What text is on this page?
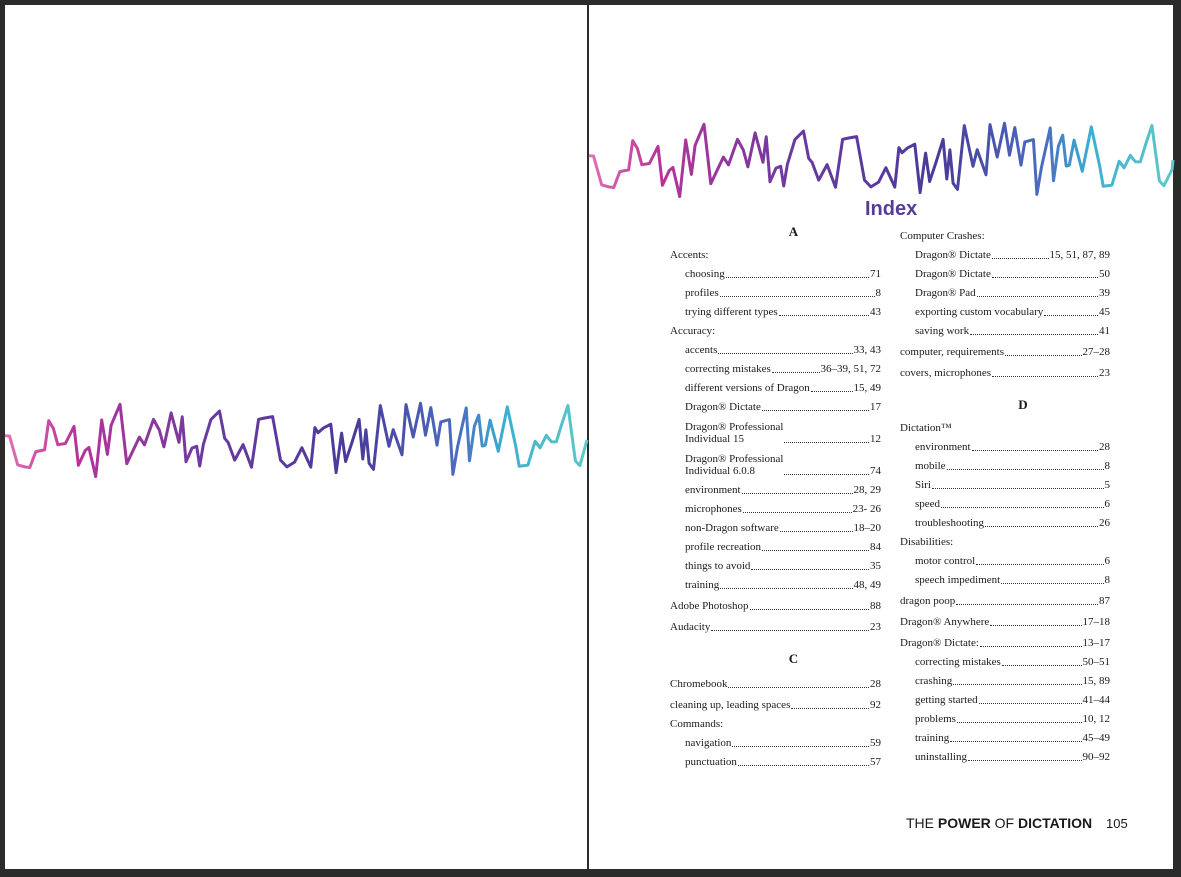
Index
A
Accents:
choosing	71
profiles	8
trying different types	43
Accuracy:
accents	33, 43
correcting mistakes	36–39, 51, 72
different versions of Dragon	15, 49
Dragon® Dictate	17
Dragon® Professional
Individual 15	12
Dragon® Professional
Individual 6.0.8	74
environment	28, 29
microphones	23- 26
non-Dragon software	18–20
profile recreation	84
things to avoid	35
training	48, 49
Adobe Photoshop	88
Audacity	23
C
Chromebook	28
cleaning up, leading spaces	92
Commands:
navigation	59
punctuation	57
Computer Crashes:
Dragon® Dictate	15, 51, 87, 89
Dragon® Dictate	50
Dragon® Pad	39
exporting custom vocabulary	45
saving work	41
computer, requirements	27–28
covers, microphones	23
D
Dictation™
environment	28
mobile	8
Siri	5
speed	6
troubleshooting	26
Disabilities:
motor control	6
speech impediment	8
dragon poop	87
Dragon® Anywhere	17–18
Dragon® Dictate:	13–17
correcting mistakes	50–51
crashing	15, 89
getting started	41–44
problems	10, 12
training	45–49
uninstalling	90–92
THE POWER OF DICTATION 105
